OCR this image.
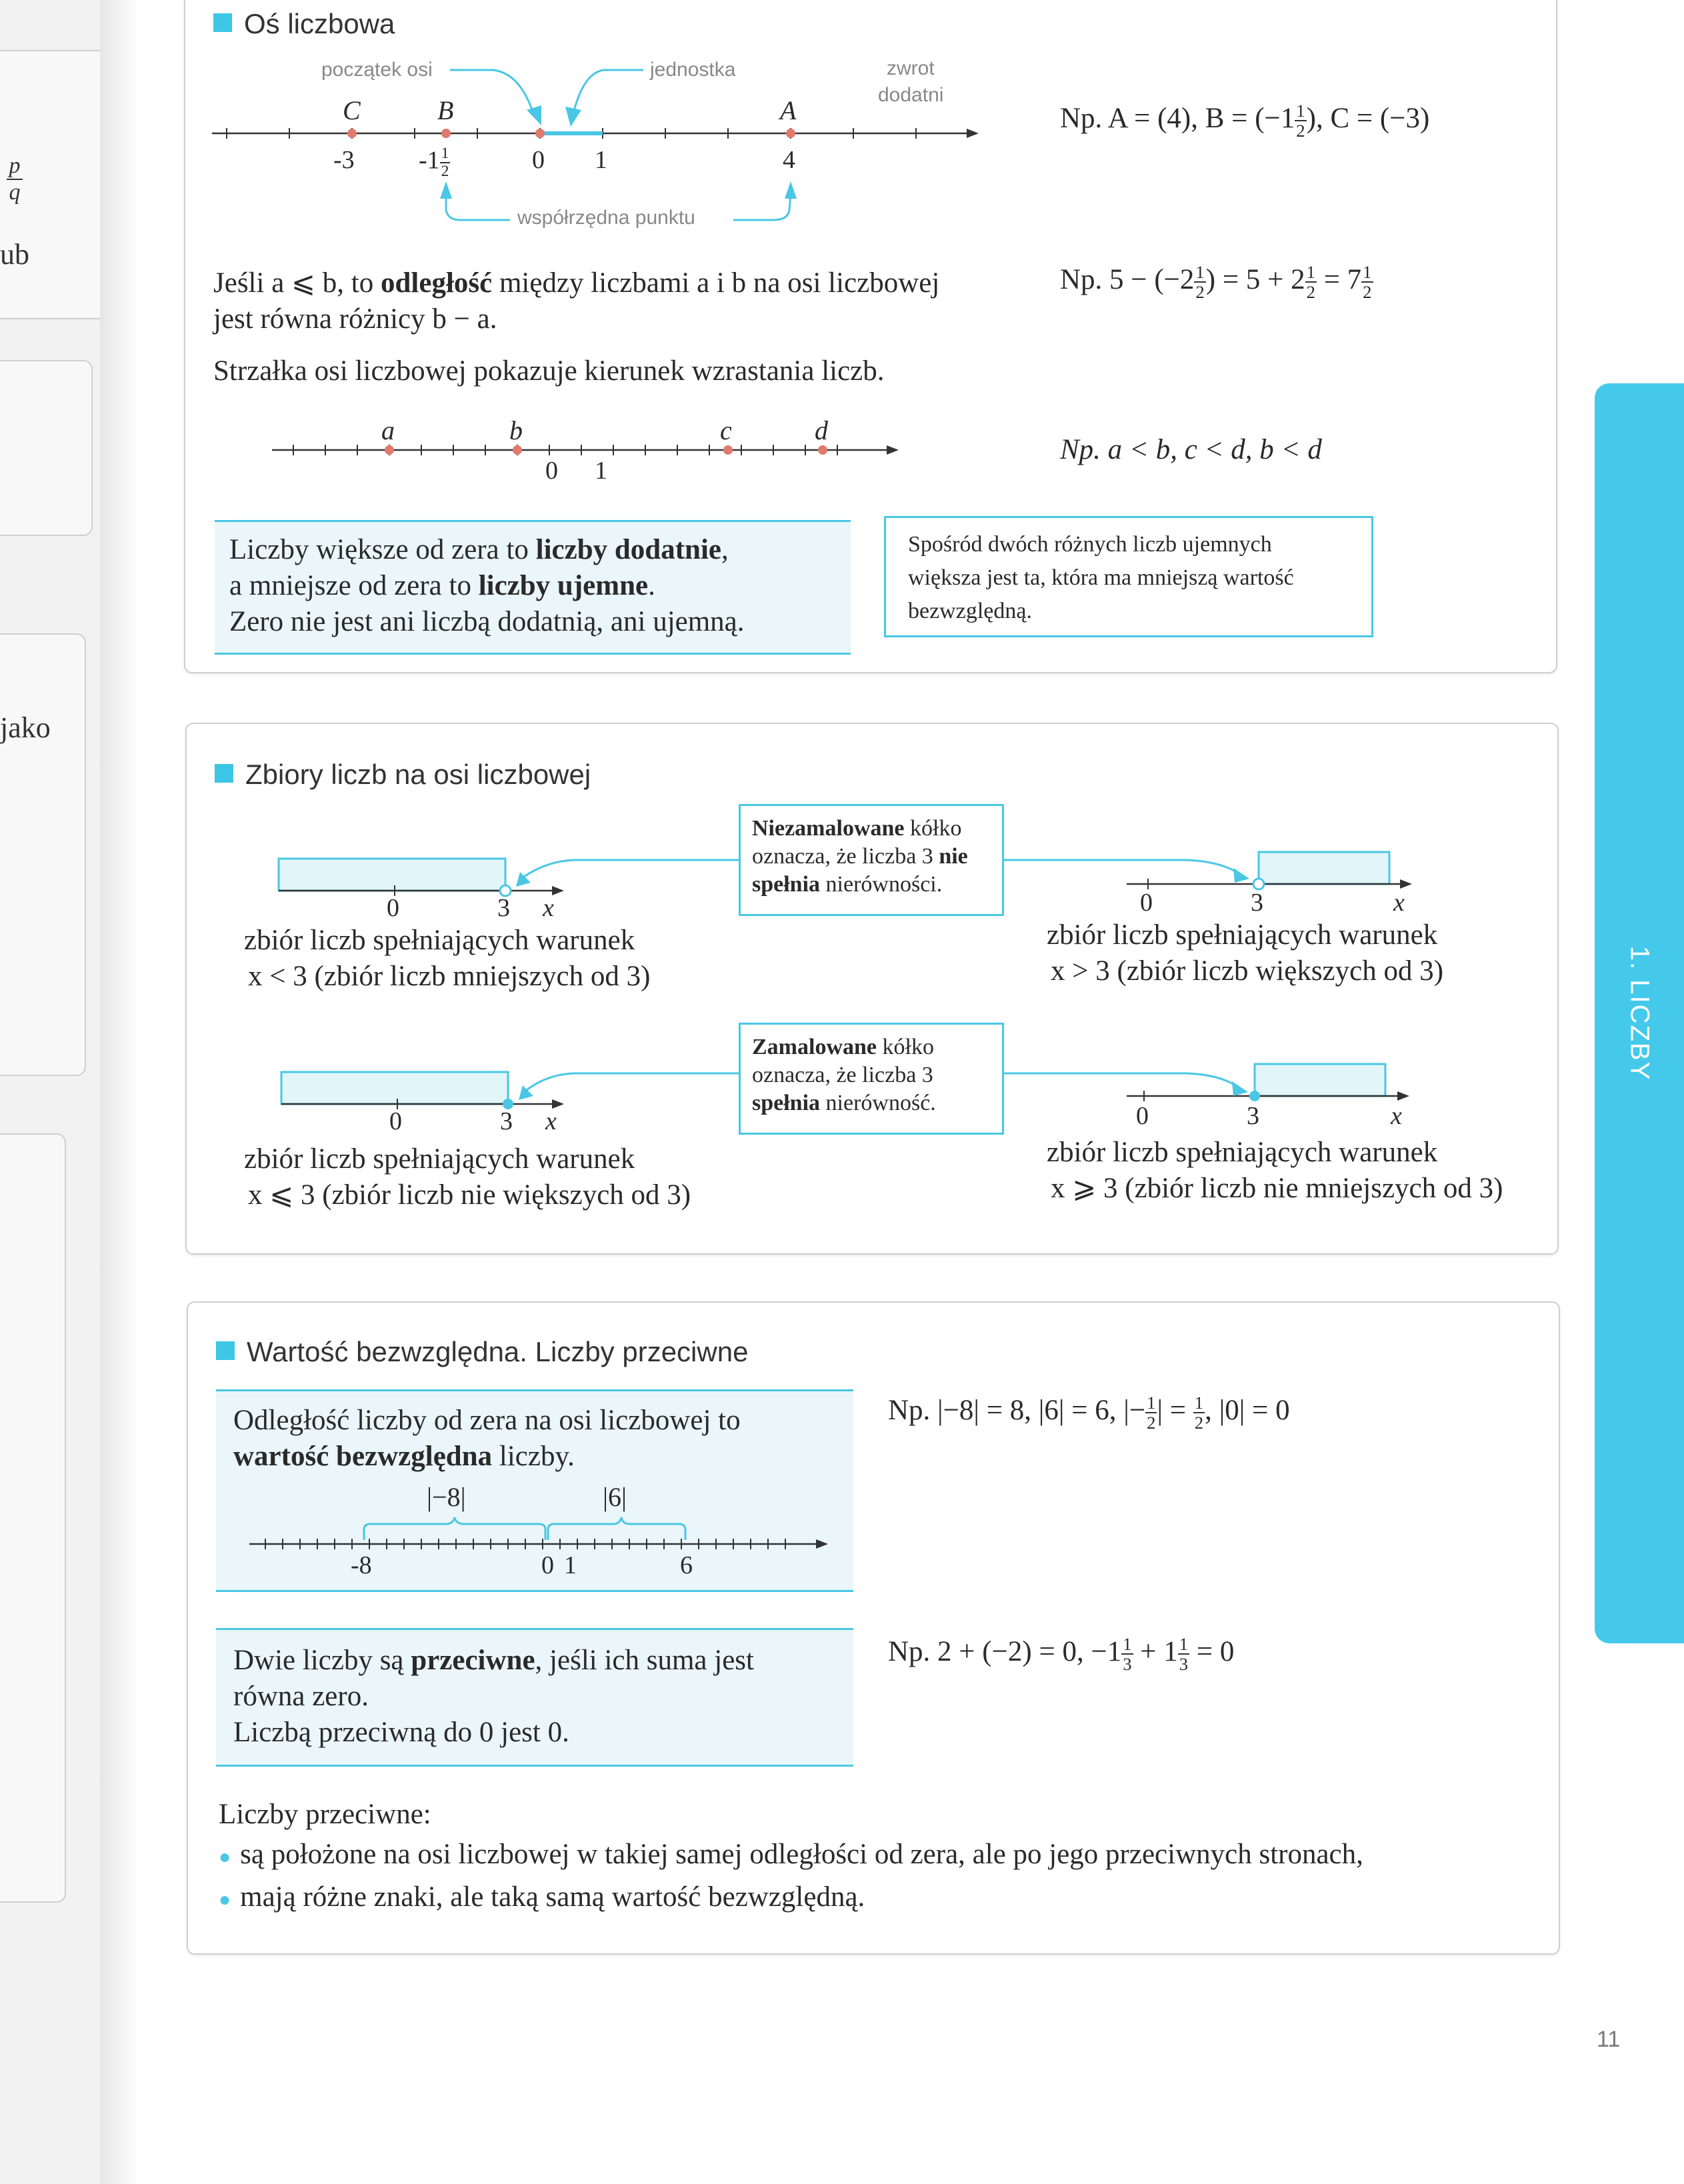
p
q
ub
jako
1. LICZBY
Oś liczbowa
początek osi	jednostka	zwrot
dodatni
współrzędna punktu
C	B	A
-3	$-1 \frac{1}{2}$	0 1	4
Np. A = (4), $B = (-1 \frac{1}{2}$ ), C = (−3)
Jeśli a ⩽ b, to odległość między liczbami a i b na osi liczbowej
jest równa różnicy b − a.
Np. $5 - (-2 \frac{1}{2}$ ) = $5 + 2 \frac{1}{2} = 7 \frac{1}{2}$
Strzałka osi liczbowej pokazuje kierunek wzrastania liczb.
a	b	c	d
0 1
Np. a < b, c < d, b < d
Liczby większe od zera to liczby dodatnie,
a mniejsze od zera to liczby ujemne.
Zero nie jest ani liczbą dodatnią, ani ujemną.
Spośród dwóch różnych liczb ujemnych
większa jest ta, która ma mniejszą wartość
bezwzględną.
Zbiory liczb na osi liczbowej
Niezamalowane kółko
oznacza, że liczba 3 nie
spełnia nierówności.
Zamalowane kółko
oznacza, że liczba 3
spełnia nierówność.
0	3 x	0	3	x
0	3 x	0	3	x
zbiór liczb spełniających warunek
x < 3 (zbiór liczb mniejszych od 3)
zbiór liczb spełniających warunek
x > 3 (zbiór liczb większych od 3)
zbiór liczb spełniających warunek
x ⩽ 3 (zbiór liczb nie większych od 3)
zbiór liczb spełniających warunek
x ⩾ 3 (zbiór liczb nie mniejszych od 3)
Wartość bezwzględna. Liczby przeciwne
Odległość liczby od zera na osi liczbowej to
wartość bezwzględna liczby.
|−8|	|6|
-8	0 1	6
Np. |−8| = 8, |6| = 6, |− $\frac{1}{2}$ | = $\frac{1}{2}$ , |0| = 0
Dwie liczby są przeciwne, jeśli ich suma jest
równa zero.
Liczbą przeciwną do 0 jest 0.
Np. 2 + (−2) = 0, $-1 \frac{1}{3} + 1 \frac{1}{3} = 0$
Liczby przeciwne:
● są położone na osi liczbowej w takiej samej odległości od zera, ale po jego przeciwnych stronach,
● mają różne znaki, ale taką samą wartość bezwzględną.
11
